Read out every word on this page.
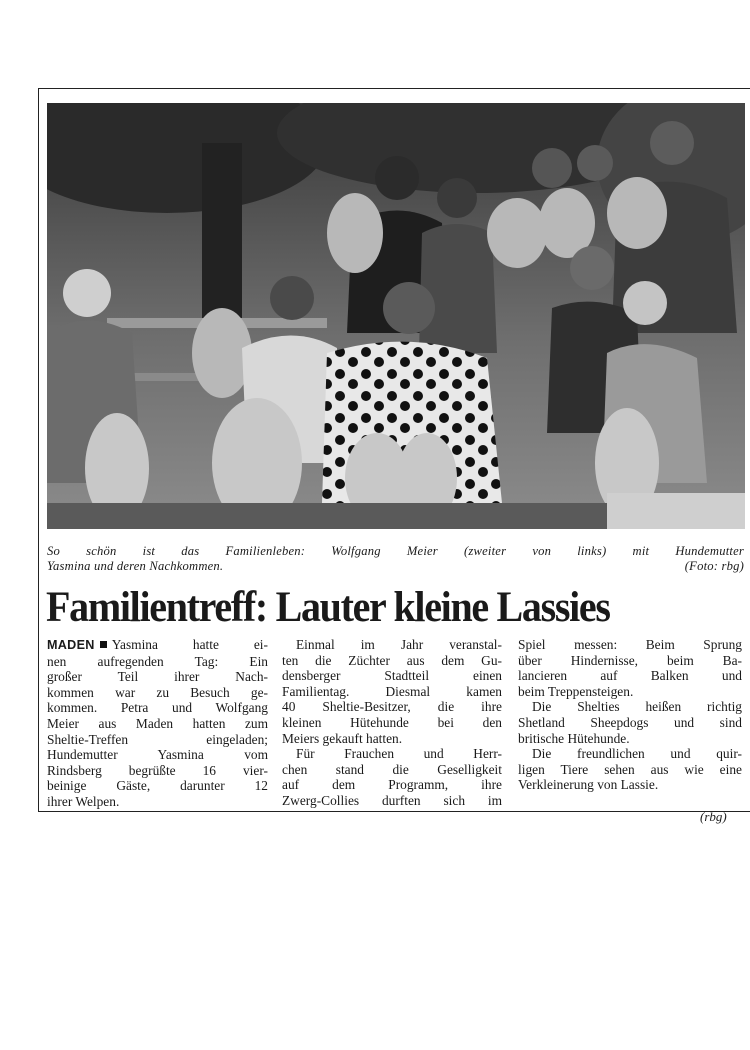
So schön ist das Familienleben: Wolfgang Meier (zweiter von links) mit Hundemutter
Yasmina und deren Nachkommen.	(Foto: rbg)
Familientreff: Lauter kleine Lassies
MADEN Yasmina hatte ei-
nen aufregenden Tag: Ein
großer Teil ihrer Nach-
kommen war zu Besuch ge-
kommen. Petra und Wolfgang
Meier aus Maden hatten zum
Sheltie-Treffen eingeladen;
Hundemutter Yasmina vom
Rindsberg begrüßte 16 vier-
beinige Gäste, darunter 12
ihrer Welpen.
Einmal im Jahr veranstal-
ten die Züchter aus dem Gu-
densberger Stadtteil einen
Familientag. Diesmal kamen
40 Sheltie-Besitzer, die ihre
kleinen Hütehunde bei den
Meiers gekauft hatten.
Für Frauchen und Herr-
chen stand die Geselligkeit
auf dem Programm, ihre
Zwerg-Collies durften sich im
Spiel messen: Beim Sprung
über Hindernisse, beim Ba-
lancieren auf Balken und
beim Treppensteigen.
Die Shelties heißen richtig
Shetland Sheepdogs und sind
britische Hütehunde.
Die freundlichen und quir-
ligen Tiere sehen aus wie eine
Verkleinerung von Lassie.
(rbg)
